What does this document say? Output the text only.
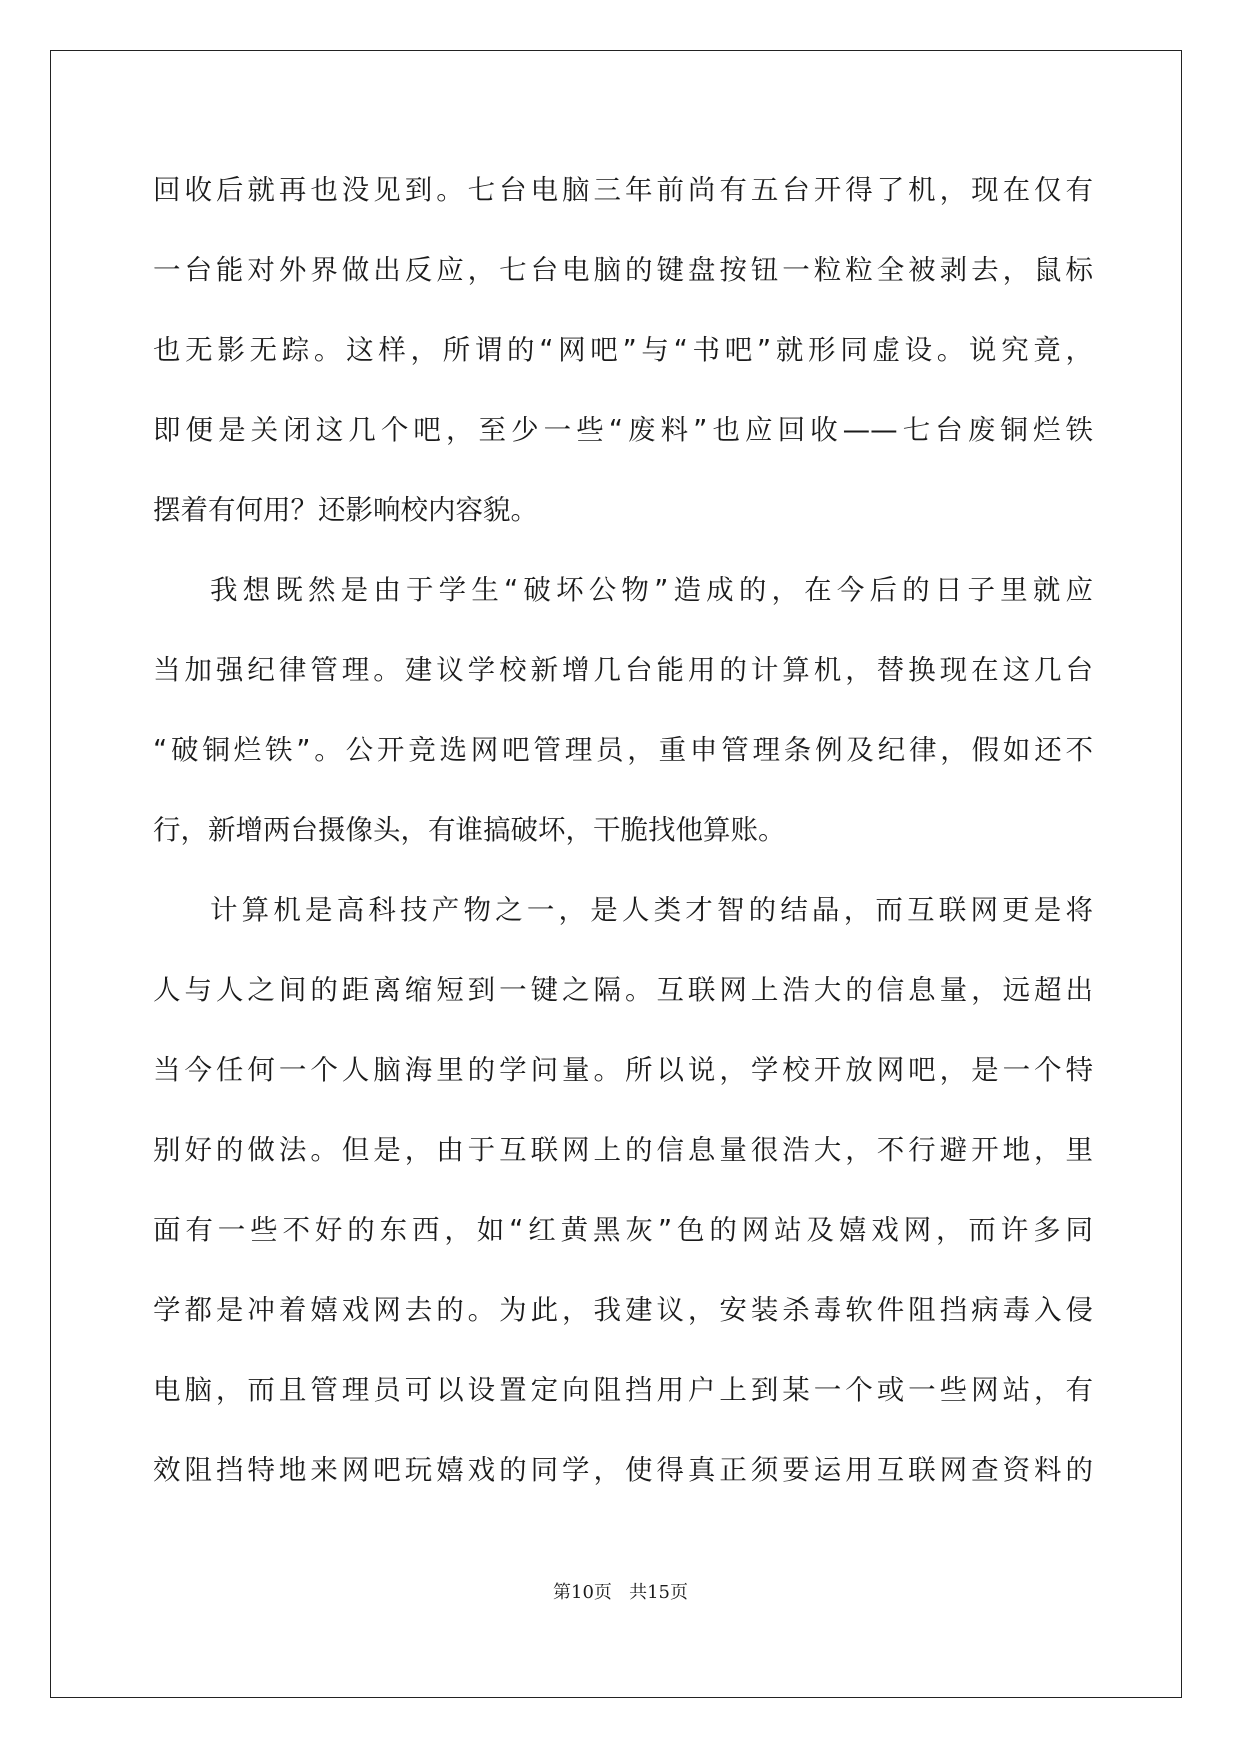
回收后就再也没见到。七台电脑三年前尚有五台开得了机，现在仅有
一台能对外界做出反应，七台电脑的键盘按钮一粒粒全被剥去，鼠标
也无影无踪。这样，所谓的“网吧”与“书吧”就形同虚设。说究竟，
即便是关闭这几个吧，至少一些“废料”也应回收——七台废铜烂铁
摆着有何用？还影响校内容貌。
我想既然是由于学生“破坏公物”造成的，在今后的日子里就应
当加强纪律管理。建议学校新增几台能用的计算机，替换现在这几台
“破铜烂铁”。公开竞选网吧管理员，重申管理条例及纪律，假如还不
行，新增两台摄像头，有谁搞破坏，干脆找他算账。
计算机是高科技产物之一，是人类才智的结晶，而互联网更是将
人与人之间的距离缩短到一键之隔。互联网上浩大的信息量，远超出
当今任何一个人脑海里的学问量。所以说，学校开放网吧，是一个特
别好的做法。但是，由于互联网上的信息量很浩大，不行避开地，里
面有一些不好的东西，如“红黄黑灰”色的网站及嬉戏网，而许多同
学都是冲着嬉戏网去的。为此，我建议，安装杀毒软件阻挡病毒入侵
电脑，而且管理员可以设置定向阻挡用户上到某一个或一些网站，有
效阻挡特地来网吧玩嬉戏的同学，使得真正须要运用互联网查资料的
第10页   共15页
